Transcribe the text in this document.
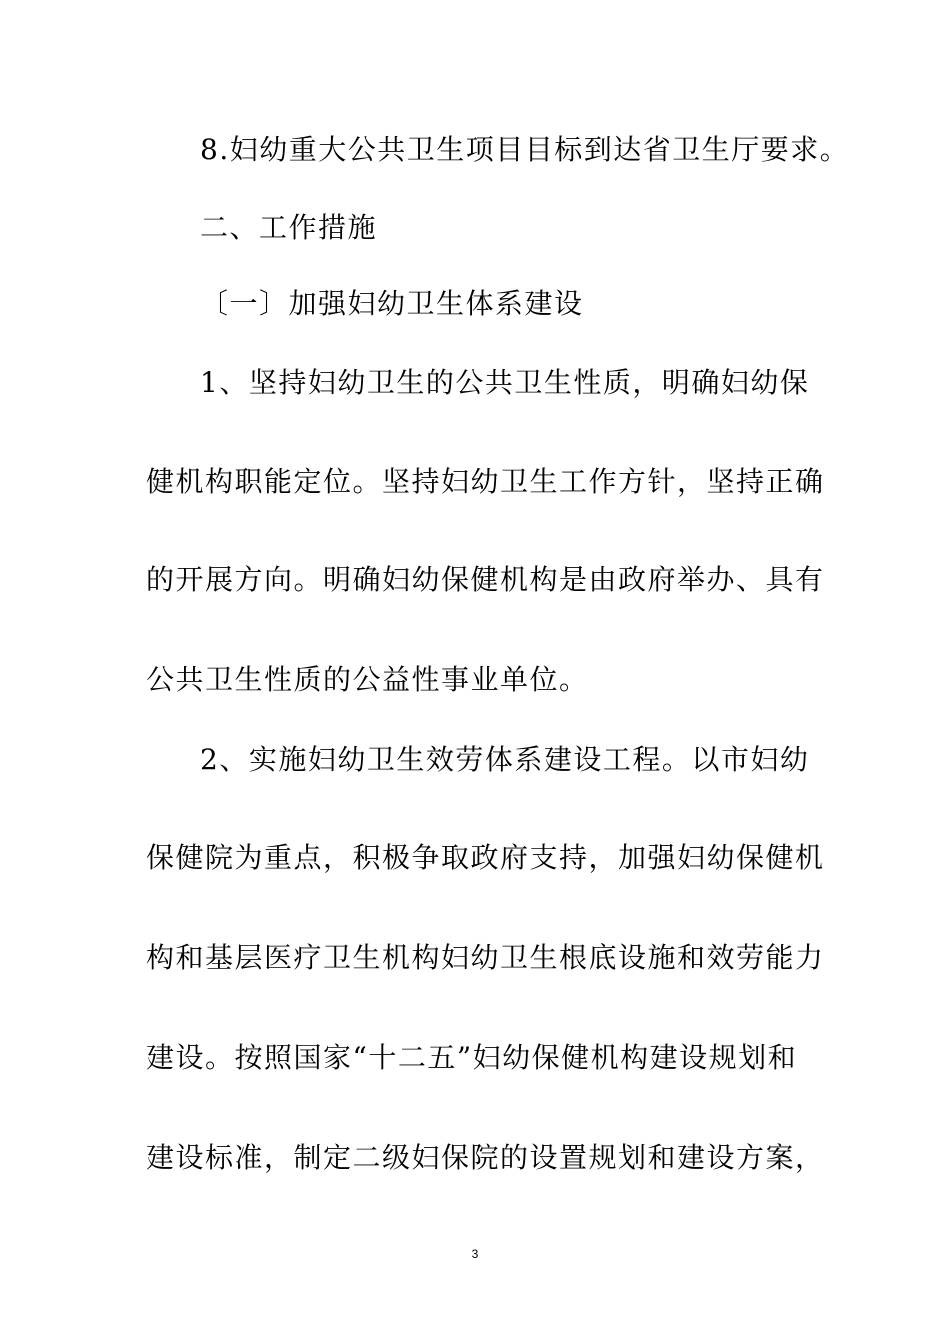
8.妇幼重大公共卫生项目目标到达省卫生厅要求。
二、工作措施
〔一〕加强妇幼卫生体系建设
1、坚持妇幼卫生的公共卫生性质，明确妇幼保
健机构职能定位。坚持妇幼卫生工作方针，坚持正确
的开展方向。明确妇幼保健机构是由政府举办、具有
公共卫生性质的公益性事业单位。
2、实施妇幼卫生效劳体系建设工程。以市妇幼
保健院为重点，积极争取政府支持，加强妇幼保健机
构和基层医疗卫生机构妇幼卫生根底设施和效劳能力
建设。按照国家“十二五”妇幼保健机构建设规划和
建设标准，制定二级妇保院的设置规划和建设方案，
3
